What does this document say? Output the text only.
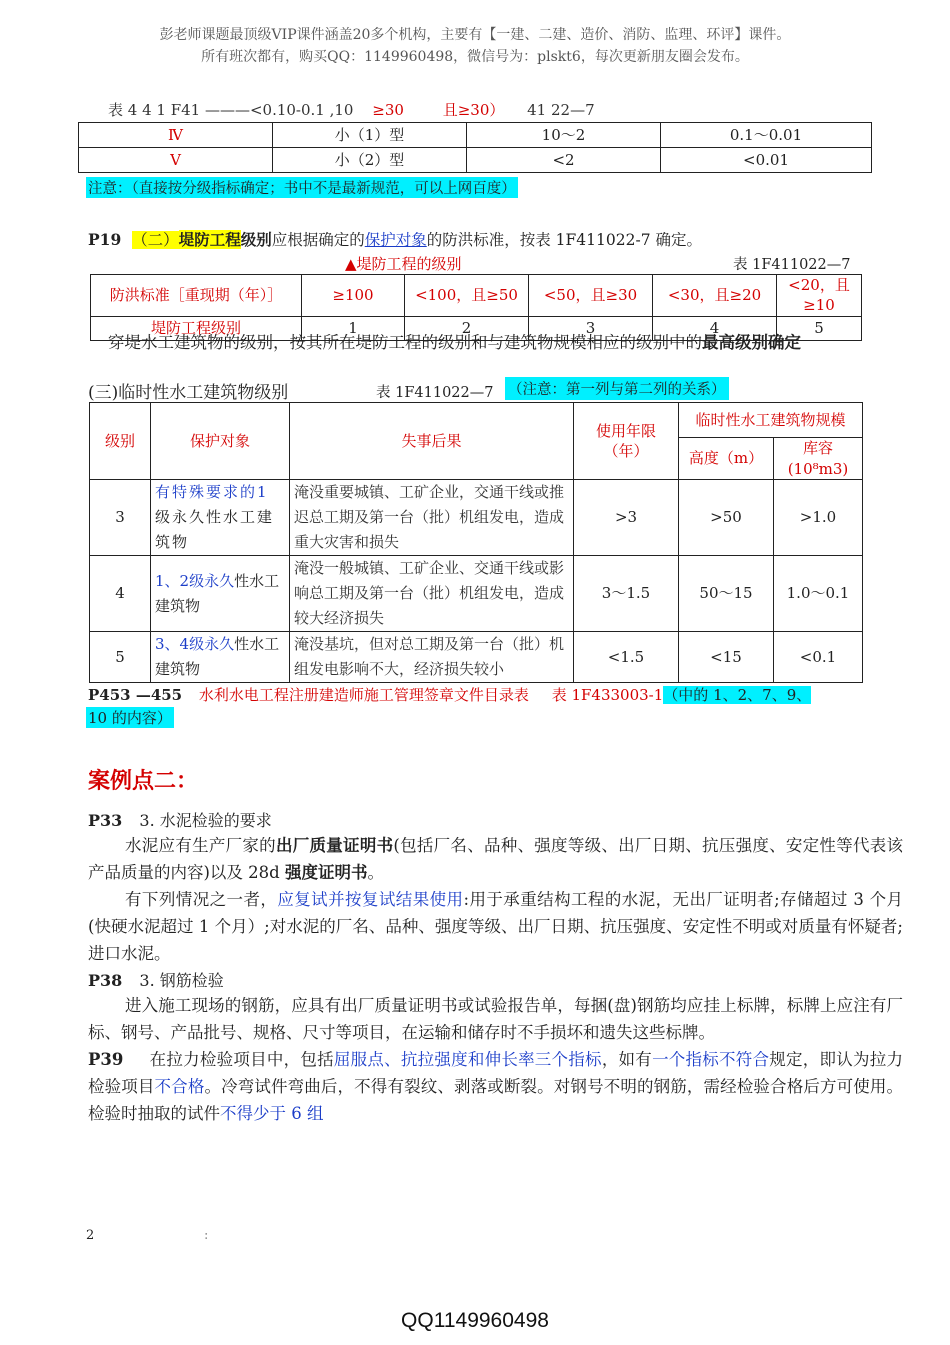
彭老师课题最顶级VIP课件涵盖20多个机构，主要有【一建、二建、造价、消防、监理、环评】课件。
所有班次都有，购买QQ：1149960498，微信号为：plskt6，每次更新朋友圈会发布。
表 4 4 1 F41 ———<0.10-0.1 ,10 ≥30	且≥30） 41 22—7
Ⅳ	小（1）型	10～2	0.1～0.01
Ⅴ	小（2）型	<2	<0.01
注意：（直接按分级指标确定；书中不是最新规范，可以上网百度）
P19 （二）堤防工程级别应根据确定的保护对象的防洪标准，按表 1F411022-7 确定。
▲堤防工程的级别	表 1F411022—7
防洪标准［重现期（年）］	≥100	<100，且≥50	<50，且≥30	<30，且≥20	<20，且≥10
堤防工程级别	1	2	3	4	5
穿堤水工建筑物的级别，按其所在堤防工程的级别和与建筑物规模相应的级别中的最高级别确定
(三)临时性水工建筑物级别	表 1F411022—7 （注意：第一列与第二列的关系）
级别	保护对象	失事后果	使用年限（年）	临时性水工建筑物规模	
				高度（m）	库容
(10⁸m3)

3	有特殊要求的1级永久性水工建筑物	淹没重要城镇、工矿企业，交通干线或推迟总工期及第一台（批）机组发电，造成重大灾害和损失	>3	>50	>1.0
4	1、2级永久性水工建筑物	淹没一般城镇、工矿企业、交通干线或影响总工期及第一台（批）机组发电，造成较大经济损失	3～1.5	50～15	1.0～0.1
5	3、4级永久性水工建筑物	淹没基坑，但对总工期及第一台（批）机组发电影响不大，经济损失较小	<1.5	<15	<0.1
P453 —455 水利水电工程注册建造师施工管理签章文件目录表 表 1F433003-1（中的 1、2、7、9、
10 的内容）
案例点二：
P33 3. 水泥检验的要求
水泥应有生产厂家的出厂质量证明书(包括厂名、品种、强度等级、出厂日期、抗压强度、安定性等代表该产品质量的内容)以及 28d 强度证明书。
有下列情况之一者，应复试并按复试结果使用:用于承重结构工程的水泥，无出厂证明者;存储超过 3 个月(快硬水泥超过 1 个月）;对水泥的厂名、品种、强度等级、出厂日期、抗压强度、安定性不明或对质量有怀疑者;进口水泥。
P38 3. 钢筋检验
进入施工现场的钢筋，应具有出厂质量证明书或试验报告单，每捆(盘)钢筋均应挂上标牌，标牌上应注有厂标、钢号、产品批号、规格、尺寸等项目，在运输和储存时不手损坏和遗失这些标牌。
P39 在拉力检验项目中，包括屈服点、抗拉强度和伸长率三个指标，如有一个指标不符合规定，即认为拉力检验项目不合格。冷弯试件弯曲后，不得有裂纹、剥落或断裂。对钢号不明的钢筋，需经检验合格后方可使用。检验时抽取的试件不得少于 6 组
2	:
QQ1149960498
